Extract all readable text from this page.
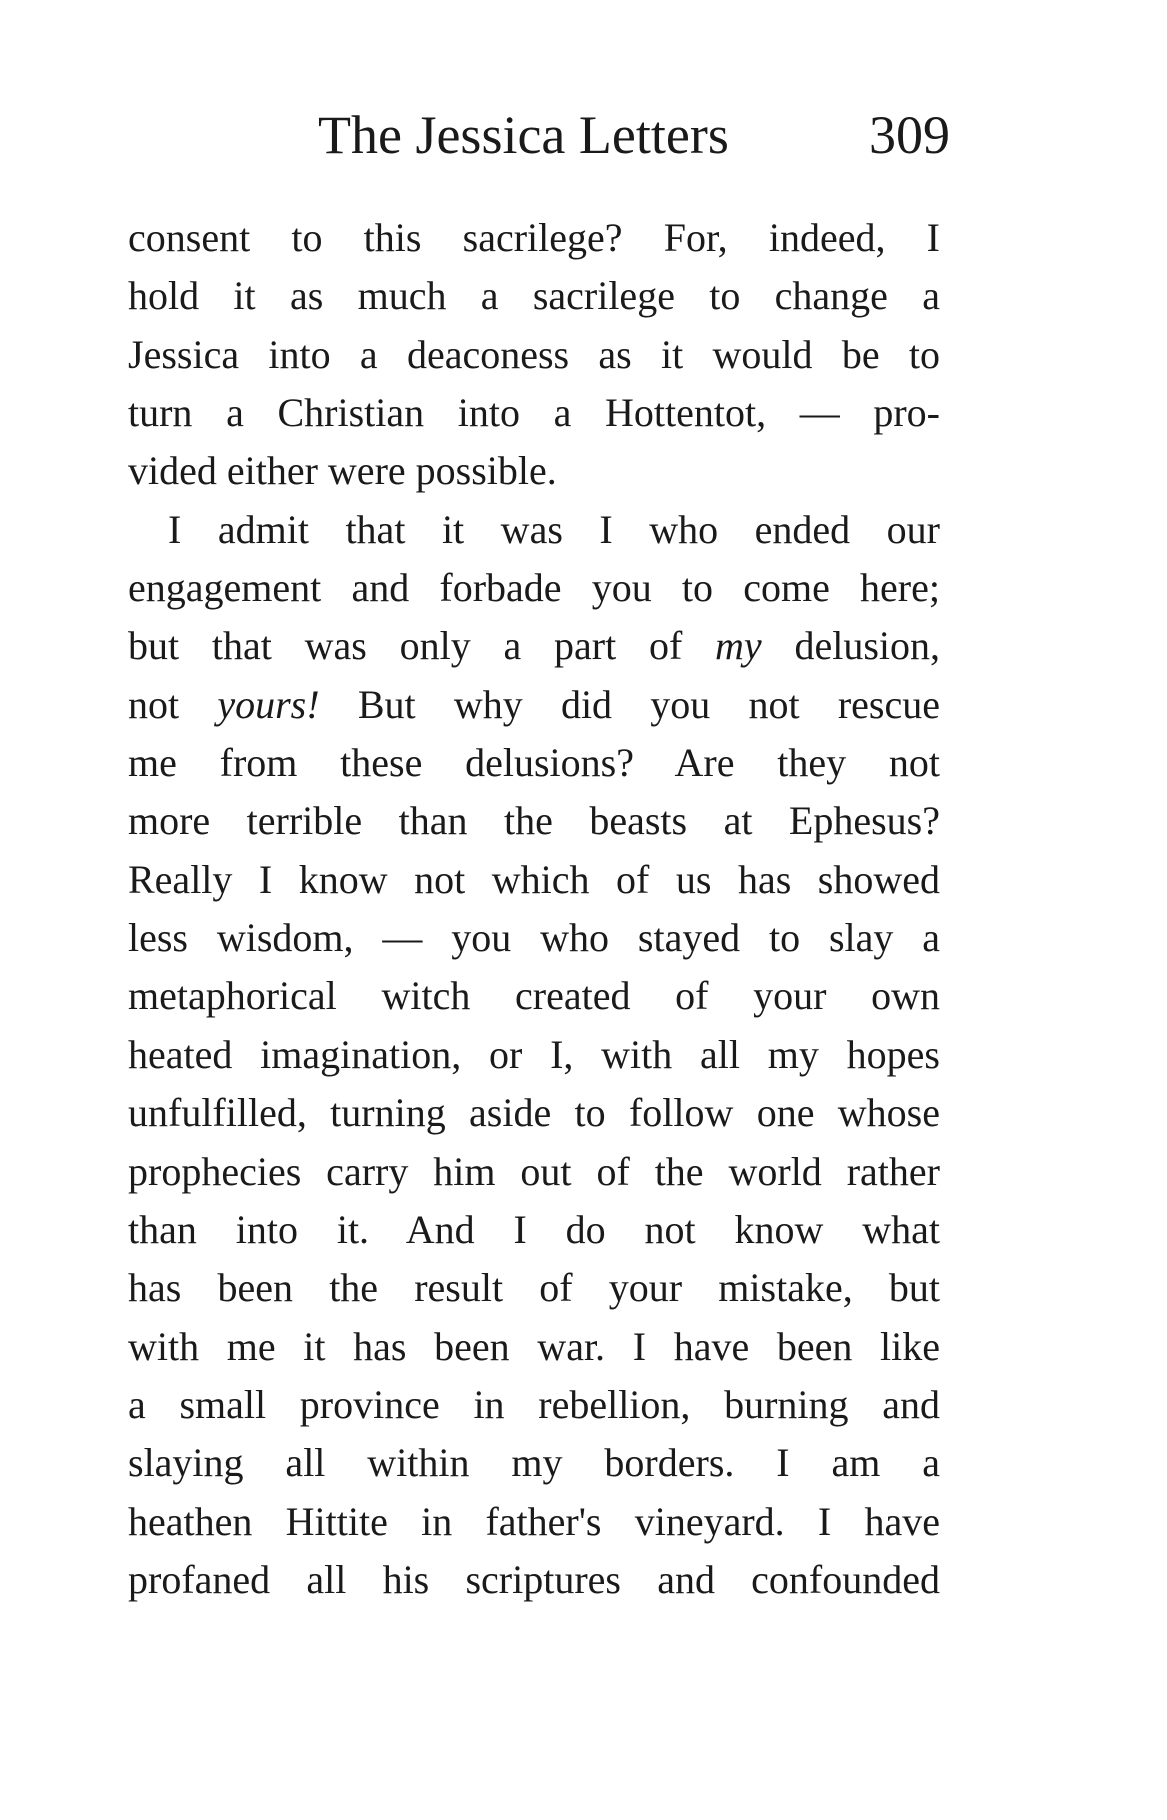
The Jessica Letters	309
consent to this sacrilege? For, indeed, I
hold it as much a sacrilege to change a
Jessica into a deaconess as it would be to
turn a Christian into a Hottentot, — pro-
vided either were possible.
I admit that it was I who ended our
engagement and forbade you to come here;
but that was only a part of my delusion,
not yours! But why did you not rescue
me from these delusions? Are they not
more terrible than the beasts at Ephesus?
Really I know not which of us has showed
less wisdom, — you who stayed to slay a
metaphorical witch created of your own
heated imagination, or I, with all my hopes
unfulfilled, turning aside to follow one whose
prophecies carry him out of the world rather
than into it. And I do not know what
has been the result of your mistake, but
with me it has been war. I have been like
a small province in rebellion, burning and
slaying all within my borders. I am a
heathen Hittite in father's vineyard. I have
profaned all his scriptures and confounded
